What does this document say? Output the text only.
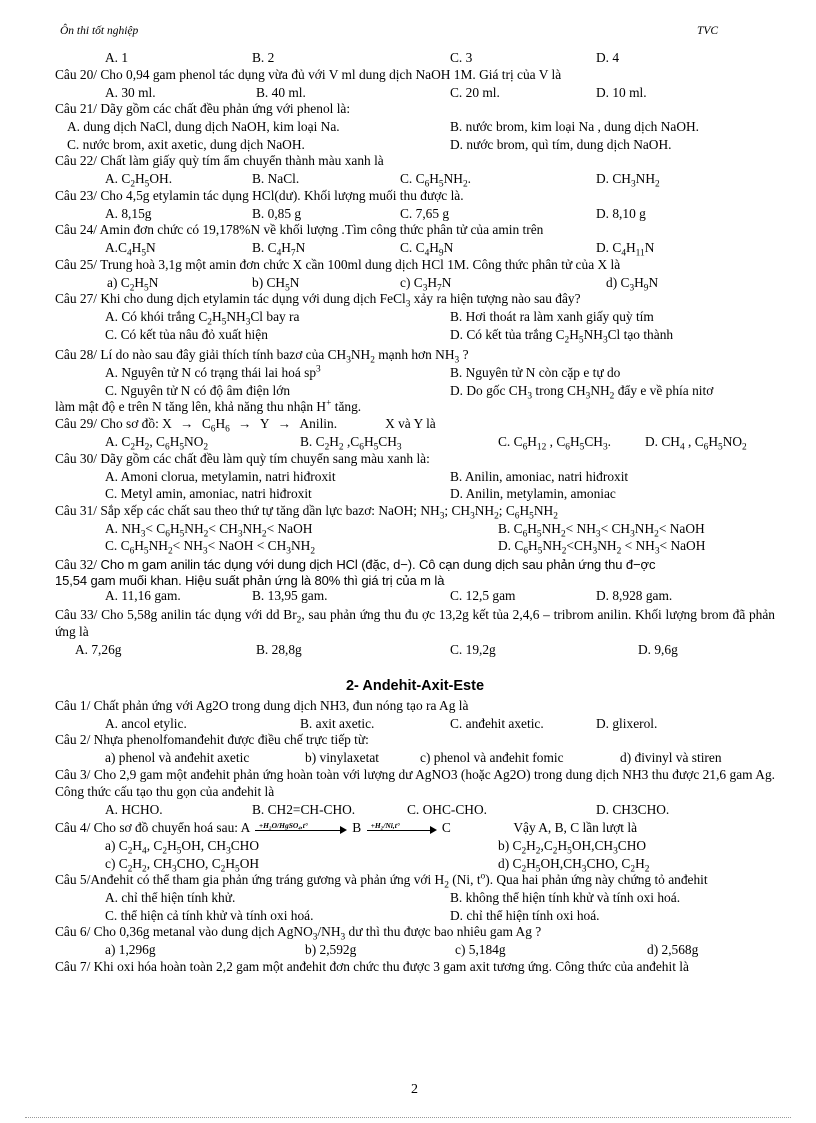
Ôn thi tốt nghiệp	TVC
A. 1	B. 2	C. 3	D. 4
Câu 20/ Cho 0,94 gam phenol tác dụng vừa đủ với V ml dung dịch NaOH 1M. Giá trị của V là
A. 30 ml.	B. 40 ml.	C. 20 ml.	D. 10 ml.
Câu 21/ Dãy gồm các chất đều phản ứng với phenol là:
A. dung dịch NaCl, dung dịch NaOH, kim loại Na.	B. nước brom, kim loại Na , dung dịch NaOH.
C. nước brom, axit axetic, dung dịch NaOH.	D. nước brom, quì tím, dung dịch NaOH.
Câu 22/ Chất làm giấy quỳ tím ẩm chuyển thành màu xanh là
A. $C_2H_5OH$.	B. NaCl.	C. $C_6H_5NH_2$.	D. $CH_3NH_2$
Câu 23/ Cho 4,5g etylamin tác dụng HCl(dư). Khối lượng muối thu được là.
A. 8,15g	B. 0,85 g	C. 7,65 g	D. 8,10 g
Câu 24/ Amin đơn chức có 19,178%N về khối lượng .Tìm công thức phân tử của amin trên
$A.C_4H_5N$	B. $C_4H_7N$	C. $C_4H_9N$	D. $C_4H_{11}N$
Câu 25/ Trung hoà 3,1g một amin đơn chức X cần 100ml dung dịch HCl 1M. Công thức phân tử của X là
a) $C_2H_5N$	b) $CH_5N$	c) $C_3H_7N$	d) $C_3H_9N$
Câu 27/ Khi cho dung dịch etylamin tác dụng với dung dịch FeCl$_3$ xảy ra hiện tượng nào sau đây?
A. Có khói trắng $C_2H_5NH_3Cl$ bay ra	B. Hơi thoát ra làm xanh giấy quỳ tím
C. Có kết tủa nâu đỏ xuất hiện	D. Có kết tủa trắng $C_2H_5NH_3Cl$ tạo thành
Câu 28/ Lí do nào sau đây giải thích tính bazơ của $CH_3NH_2$ mạnh hơn $NH_3$ ?
A. Nguyên tử N có trạng thái lai hoá $sp^3$	B. Nguyên tử N còn cặp e tự do
C. Nguyên tử N có độ âm điện lớn	D. Do gốc $CH_3$ trong $CH_3NH_2$ đẩy e về phía nitơ
làm mật độ e trên N tăng lên, khả năng thu nhận H+ tăng.
Câu 29/ Cho sơ đồ: $X \to C_6H_6 \to Y$ → Anilin.	X và Y là
A. $C_2H_2$, $C_6H_5NO_2$	B. $C_2H_2$ $,C_6H_5CH_3$	C. $C_6H_{12}$ , $C_6H_5CH_3$.	D. $CH_4$ , $C_6H_5NO_2$
Câu 30/ Dãy gồm các chất đều làm quỳ tím chuyển sang màu xanh là:
A. Amoni clorua, metylamin, natri hiđroxit	B. Anilin, amoniac, natri hiđroxit
C. Metyl amin, amoniac, natri hiđroxit	D. Anilin, metylamin, amoniac
Câu 31/ Sắp xếp các chất sau theo thứ tự tăng dần lực bazơ: NaOH; $NH_3$; $CH_3NH_2$; $C_6H_5NH_2$
A. $NH_3< C_6H_5NH_2< CH_3NH_2<$ NaOH	B. $C_6H_5NH_2< NH_3< CH_3NH_2<$ NaOH
C. $C_6H_5NH_2< NH_3<$ NaOH < $CH_3NH_2$	D. $C_6H_5NH_2<CH_3NH_2 < NH_3<$ NaOH
Câu 32/ Cho m gam anilin tác dụng với dung dịch HCl (đặc, d−). Cô cạn dung dịch sau phản ứng thu đ−ợc
15,54 gam muối khan. Hiệu suất phản ứng là 80% thì giá trị của m là
A. 11,16 gam.	B. 13,95 gam.	C. 12,5 gam	D. 8,928 gam.
Câu 33/ Cho 5,58g anilin tác dụng với dd $Br_2$, sau phản ứng thu đu ợc 13,2g kết tủa 2,4,6 – tribrom anilin. Khối lượng brom đã phản ứng là
A. 7,26g	B. 28,8g	C. 19,2g	D. 9,6g
2- Andehit-Axit-Este
Câu 1/ Chất phản ứng với Ag2O trong dung dịch NH3, đun nóng tạo ra Ag là
A. ancol etylic.	B. axit axetic.	C. anđehit axetic.	D. glixerol.
Câu 2/ Nhựa phenolfomanđehit được điều chế trực tiếp từ:
a) phenol và anđehit axetic	b) vinylaxetat	c) phenol và anđehit fomic	d) đivinyl và stiren
Câu 3/ Cho 2,9 gam một anđehit phản ứng hoàn toàn với lượng dư AgNO3 (hoặc Ag2O) trong dung dịch NH3 thu được 21,6 gam Ag. Công thức cấu tạo thu gọn của anđehit là
A. HCHO.	B. CH2=CH-CHO.	C. OHC-CHO.	D. CH3CHO.
Câu 4/ Cho sơ đồ chuyển hoá sau: A +H₂O/HgSO₄,t°	B +H₂/Ni,t°	C	Vậy A, B, C lần lượt là
a) $C_2H_4$, $C_2H_5OH$, $CH_3CHO$	b) $C_2H_2,C_2H_5OH,CH_3CHO$
c) $C_2H_2$, $CH_3CHO$, $C_2H_5OH$	d) $C_2H_5OH,CH_3CHO$, $C_2H_2$
Câu 5/Anđehit có thể tham gia phản ứng tráng gương và phản ứng với $H_2$ (Ni, $t^o$). Qua hai phản ứng này chứng tỏ anđehit
A. chỉ thể hiện tính khử.	B. không thể hiện tính khử và tính oxi hoá.
C. thể hiện cả tính khử và tính oxi hoá.	D. chỉ thể hiện tính oxi hoá.
Câu 6/ Cho 0,36g metanal vào dung dịch $AgNO_3/NH_3$ dư thì thu được bao nhiêu gam Ag ?
a) 1,296g	b) 2,592g	c) 5,184g	d) 2,568g
Câu 7/ Khi oxi hóa hoàn toàn 2,2 gam một anđehit đơn chức thu được 3 gam axit tương ứng. Công thức của anđehit là
2
